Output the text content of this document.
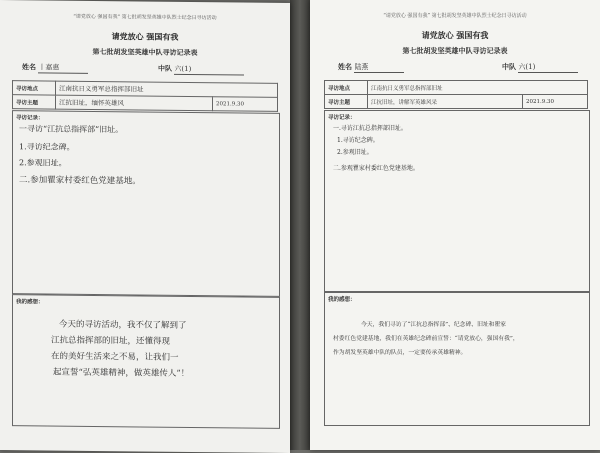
“请党放心 强国有我” 第七批胡发坚英雄中队烈士纪念日寻访活动
请党放心 强国有我
第七批胡发坚英雄中队寻访记录表
姓名 丨嘉惠	中队 六(1)
寻访地点	江南抗日义勇军总指挥部旧址	
寻访主题	江抗旧址，缅怀英雄风	2021.9.30
寻访记录：
一寻访“江抗总指挥部”旧址。
1.寻访纪念碑。
2.参观旧址。
二.参加瞿家村委红色党建基地。
我的感想：
今天的寻访活动，我不仅了解到了
江抗总指挥部的旧址，还懂得现
在的美好生活来之不易，让我们一
起宣誓“弘英雄精神，做英雄传人”！
“请党放心 强国有我” 第七批胡发坚英雄中队烈士纪念日寻访活动
请党放心 强国有我
第七批胡发坚英雄中队寻访记录表
姓名 陆燕	中队 六(1)
寻访地点	江南抗日义勇军总指挥部旧址	
寻访主题	江抗旧址，讲解军英雄风采	2021.9.30
寻访记录：
一.寻访江抗总指挥部旧址。
1.寻访纪念碑。
2.参观旧址。
二.参观瞿家村委红色党建基地。
我的感想：
今天，我们寻访了“江抗总指挥部”、纪念碑、旧址和瞿家
村委红色党建基地，我们在英雄纪念碑前宣誓：“请党放心，强国有我”，
作为胡发坚英雄中队的队员，一定要传承英雄精神。
